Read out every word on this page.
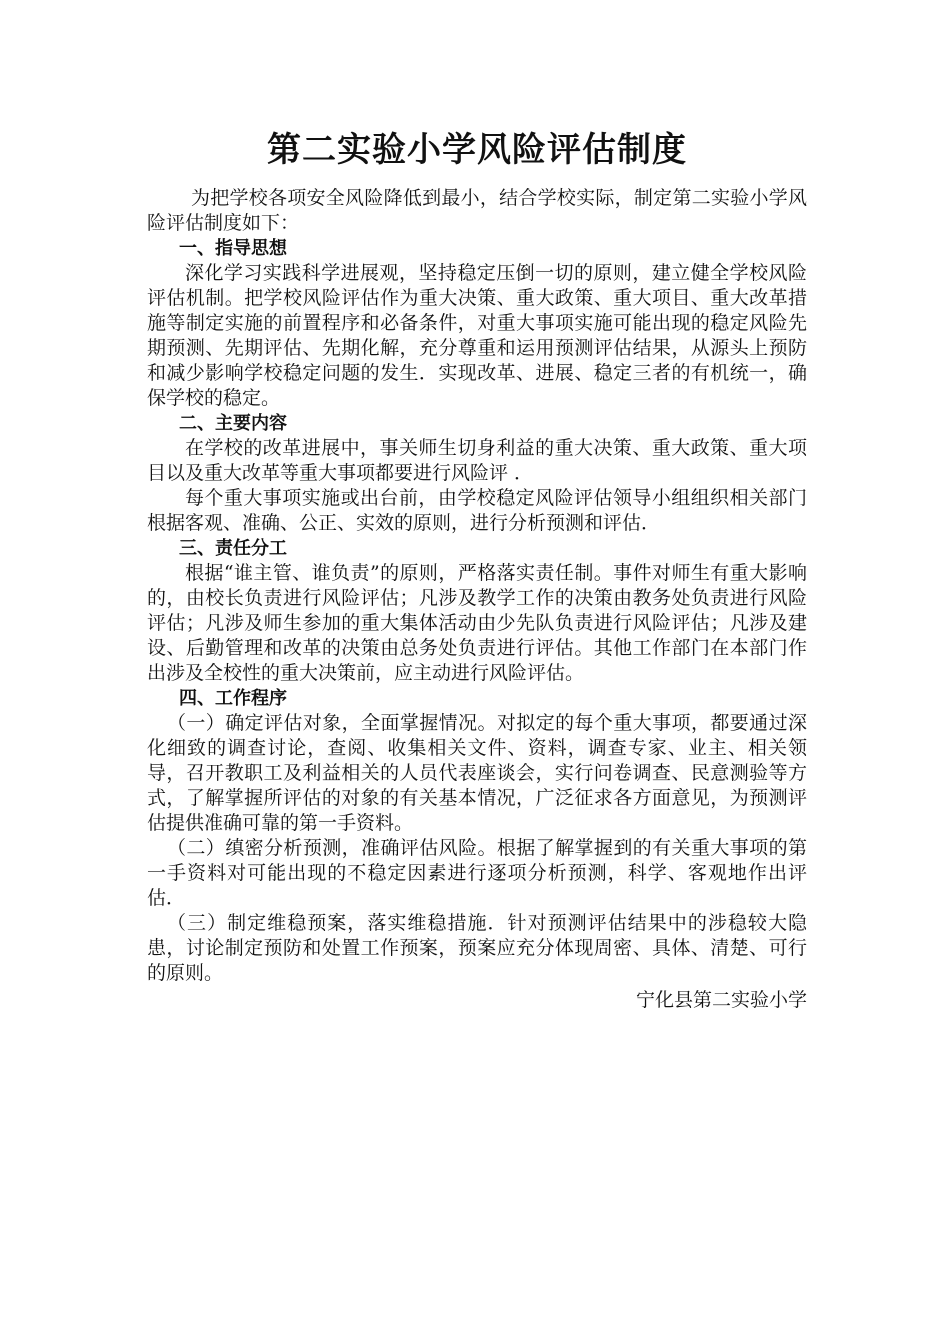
第二实验小学风险评估制度

为把学校各项安全风险降低到最小，结合学校实际，制定第二实验小学风险评估制度如下：

一、指导思想

深化学习实践科学进展观，坚持稳定压倒一切的原则，建立健全学校风险评估机制。把学校风险评估作为重大决策、重大政策、重大项目、重大改革措施等制定实施的前置程序和必备条件，对重大事项实施可能出现的稳定风险先期预测、先期评估、先期化解，充分尊重和运用预测评估结果，从源头上预防和减少影响学校稳定问题的发生．实现改革、进展、稳定三者的有机统一，确保学校的稳定。

二、主要内容

在学校的改革进展中，事关师生切身利益的重大决策、重大政策、重大项目以及重大改革等重大事项都要进行风险评 ．

每个重大事项实施或出台前，由学校稳定风险评估领导小组组织相关部门根据客观、准确、公正、实效的原则，进行分析预测和评估．

三、责任分工

根据“谁主管、谁负责”的原则，严格落实责任制。事件对师生有重大影响的，由校长负责进行风险评估；凡涉及教学工作的决策由教务处负责进行风险评估；凡涉及师生参加的重大集体活动由少先队负责进行风险评估；凡涉及建设、后勤管理和改革的决策由总务处负责进行评估。其他工作部门在本部门作出涉及全校性的重大决策前，应主动进行风险评估。

四、工作程序

（一）确定评估对象，全面掌握情况。对拟定的每个重大事项，都要通过深化细致的调查讨论，查阅、收集相关文件、资料，调查专家、业主、相关领导，召开教职工及利益相关的人员代表座谈会，实行问卷调查、民意测验等方式，了解掌握所评估的对象的有关基本情况，广泛征求各方面意见，为预测评估提供准确可靠的第一手资料。

（二）缜密分析预测，准确评估风险。根据了解掌握到的有关重大事项的第一手资料对可能出现的不稳定因素进行逐项分析预测，科学、客观地作出评估．

（三）制定维稳预案，落实维稳措施．针对预测评估结果中的涉稳较大隐患，讨论制定预防和处置工作预案，预案应充分体现周密、具体、清楚、可行的原则。

宁化县第二实验小学
